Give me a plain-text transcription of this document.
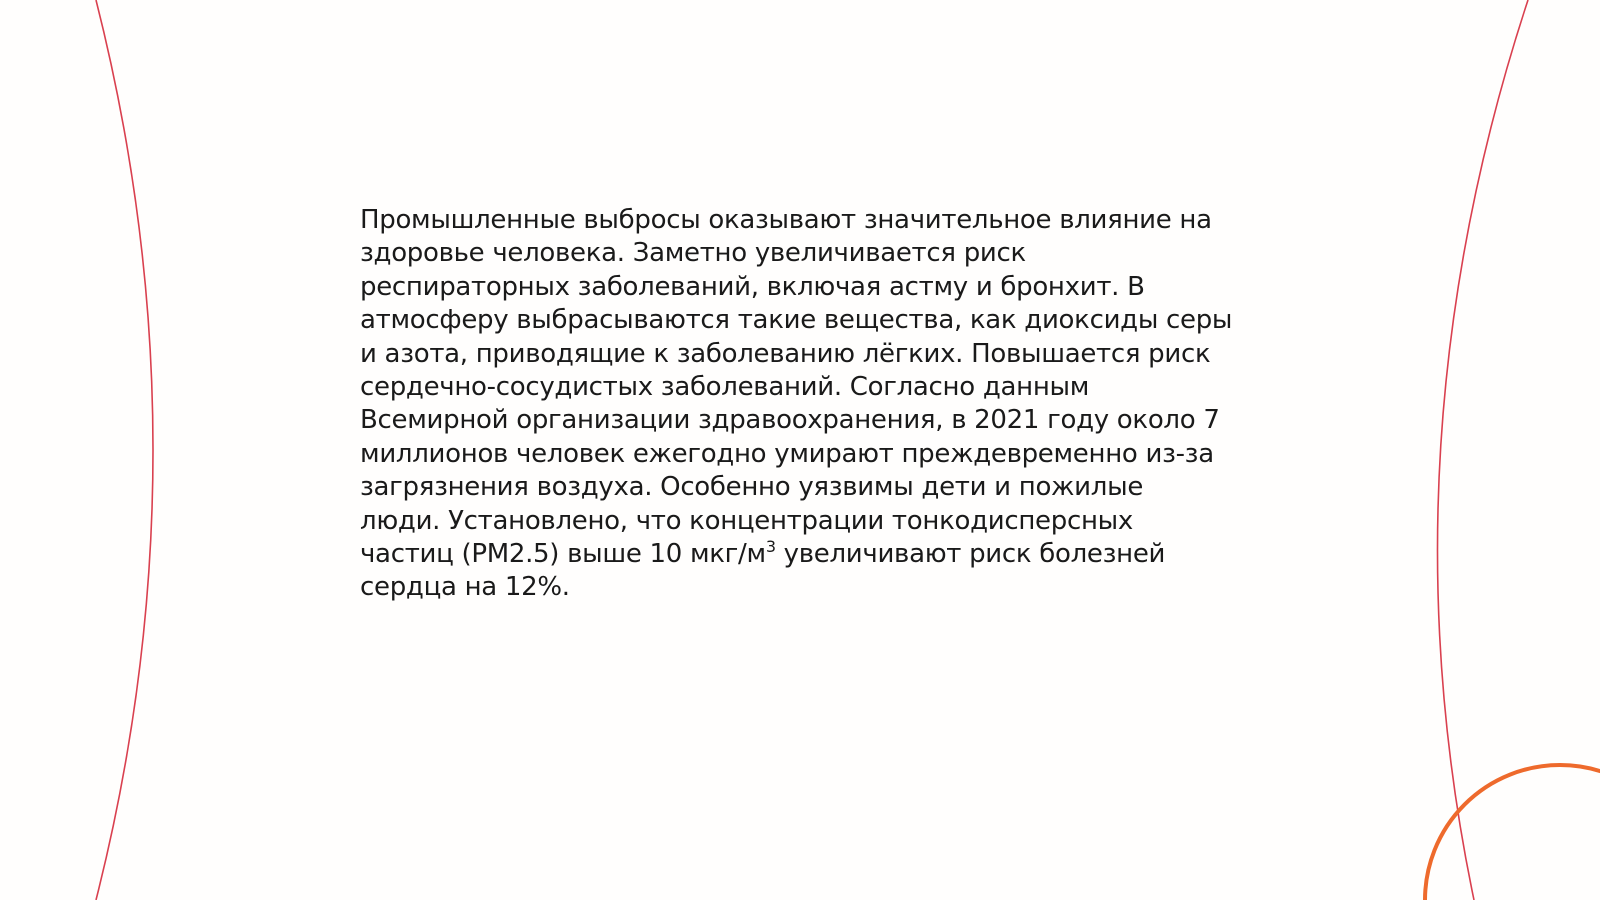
Промышленные выбросы оказывают значительное влияние на
здоровье человека. Заметно увеличивается риск
респираторных заболеваний, включая астму и бронхит. В
атмосферу выбрасываются такие вещества, как диоксиды серы
и азота, приводящие к заболеванию лёгких. Повышается риск
сердечно-сосудистых заболеваний. Согласно данным
Всемирной организации здравоохранения, в 2021 году около 7
миллионов человек ежегодно умирают преждевременно из-за
загрязнения воздуха. Особенно уязвимы дети и пожилые
люди. Установлено, что концентрации тонкодисперсных
частиц (PM2.5) выше 10 мкг/$м^3$ увеличивают риск болезней
сердца на 12%.
